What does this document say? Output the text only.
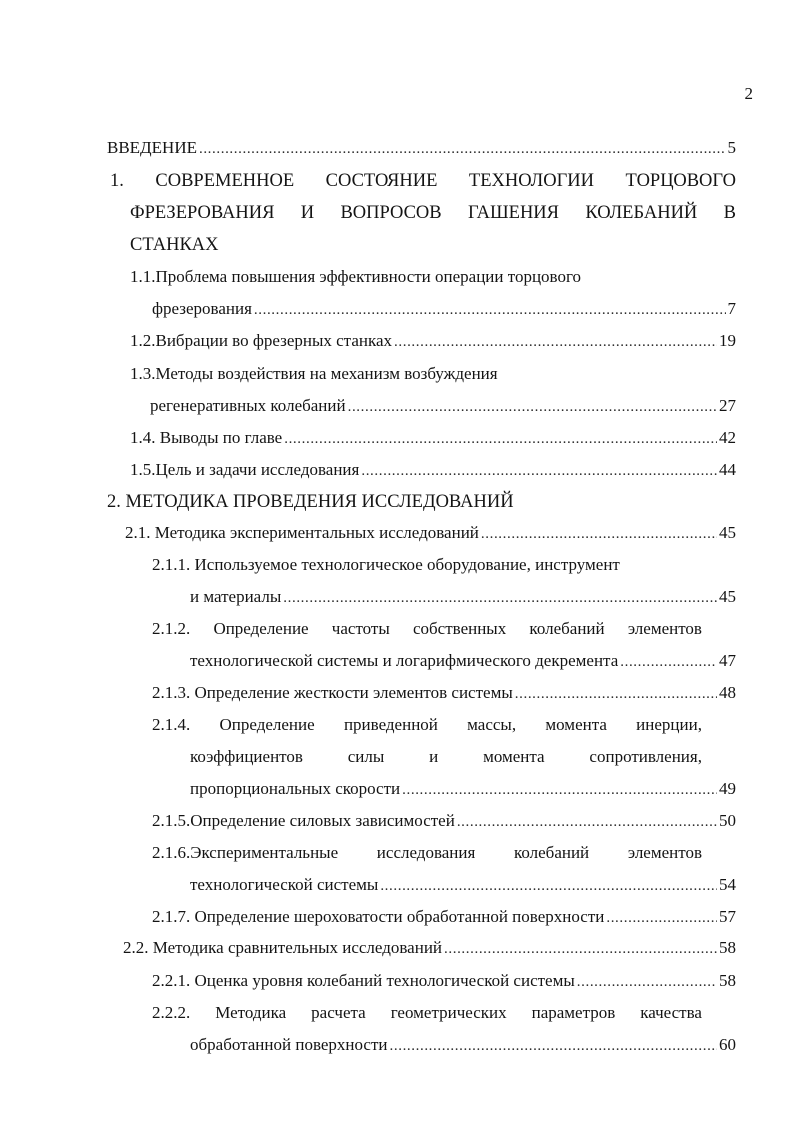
2
ВВЕДЕНИЕ .....	5
1. СОВРЕМЕННОЕ СОСТОЯНИЕ ТЕХНОЛОГИИ ТОРЦОВОГО
ФРЕЗЕРОВАНИЯ И ВОПРОСОВ ГАШЕНИЯ КОЛЕБАНИЙ В
СТАНКАХ
1.1.Проблема повышения эффективности операции торцового
фрезерования .....	7
1.2.Вибрации во фрезерных станках .....	19
1.3.Методы воздействия на механизм возбуждения
регенеративных колебаний .....	27
1.4. Выводы по главе .....	42
1.5.Цель и задачи исследования .....	44
2. МЕТОДИКА ПРОВЕДЕНИЯ ИССЛЕДОВАНИЙ
2.1. Методика экспериментальных исследований .....	45
2.1.1. Используемое технологическое оборудование, инструмент
и материалы .....	45
2.1.2. Определение частоты собственных колебаний элементов
технологической системы и логарифмического декремента .....	47
2.1.3. Определение жесткости элементов системы .....	48
2.1.4. Определение приведенной массы, момента инерции,
коэффициентов	силы	и	момента	сопротивления,
пропорциональных скорости .....	49
2.1.5.Определение силовых зависимостей .....	50
2.1.6.Экспериментальные исследования колебаний элементов
технологической системы .....	54
2.1.7. Определение шероховатости обработанной поверхности .....	57
2.2. Методика сравнительных исследований .....	58
2.2.1. Оценка уровня колебаний технологической системы .....	58
2.2.2. Методика расчета геометрических параметров качества
обработанной поверхности .....	60
